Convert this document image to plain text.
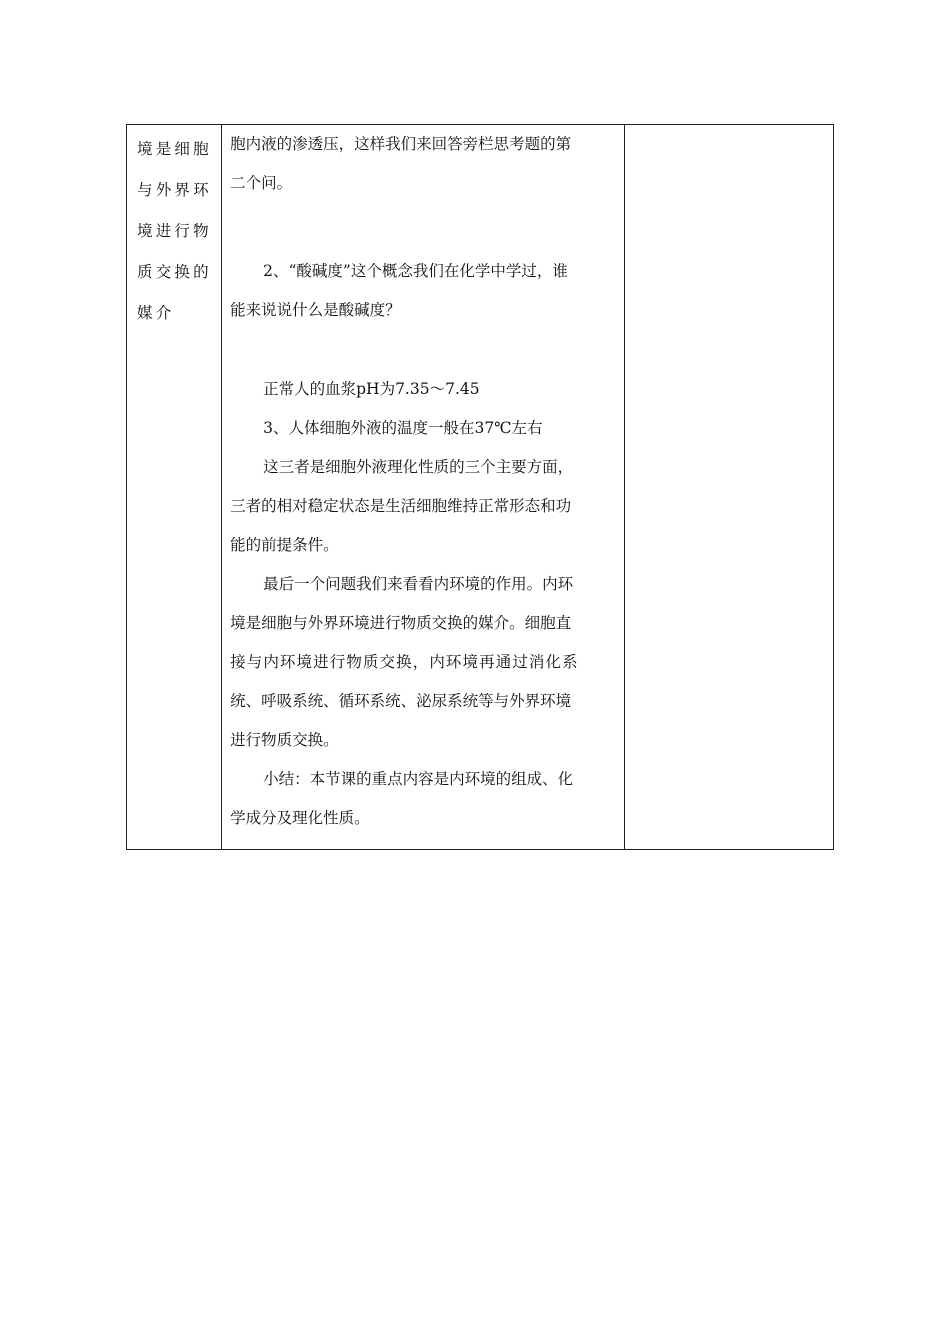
境是细胞
与外界环
境进行物
质交换的
媒介

胞内液的渗透压，这样我们来回答旁栏思考题的第
二个问。
2、“酸碱度”这个概念我们在化学中学过，谁
能来说说什么是酸碱度？
正常人的血浆pH为7.35～7.45
3、人体细胞外液的温度一般在37℃左右
这三者是细胞外液理化性质的三个主要方面，
三者的相对稳定状态是生活细胞维持正常形态和功
能的前提条件。
最后一个问题我们来看看内环境的作用。内环
境是细胞与外界环境进行物质交换的媒介。细胞直
接与内环境进行物质交换，内环境再通过消化系
统、呼吸系统、循环系统、泌尿系统等与外界环境
进行物质交换。
小结：本节课的重点内容是内环境的组成、化
学成分及理化性质。
